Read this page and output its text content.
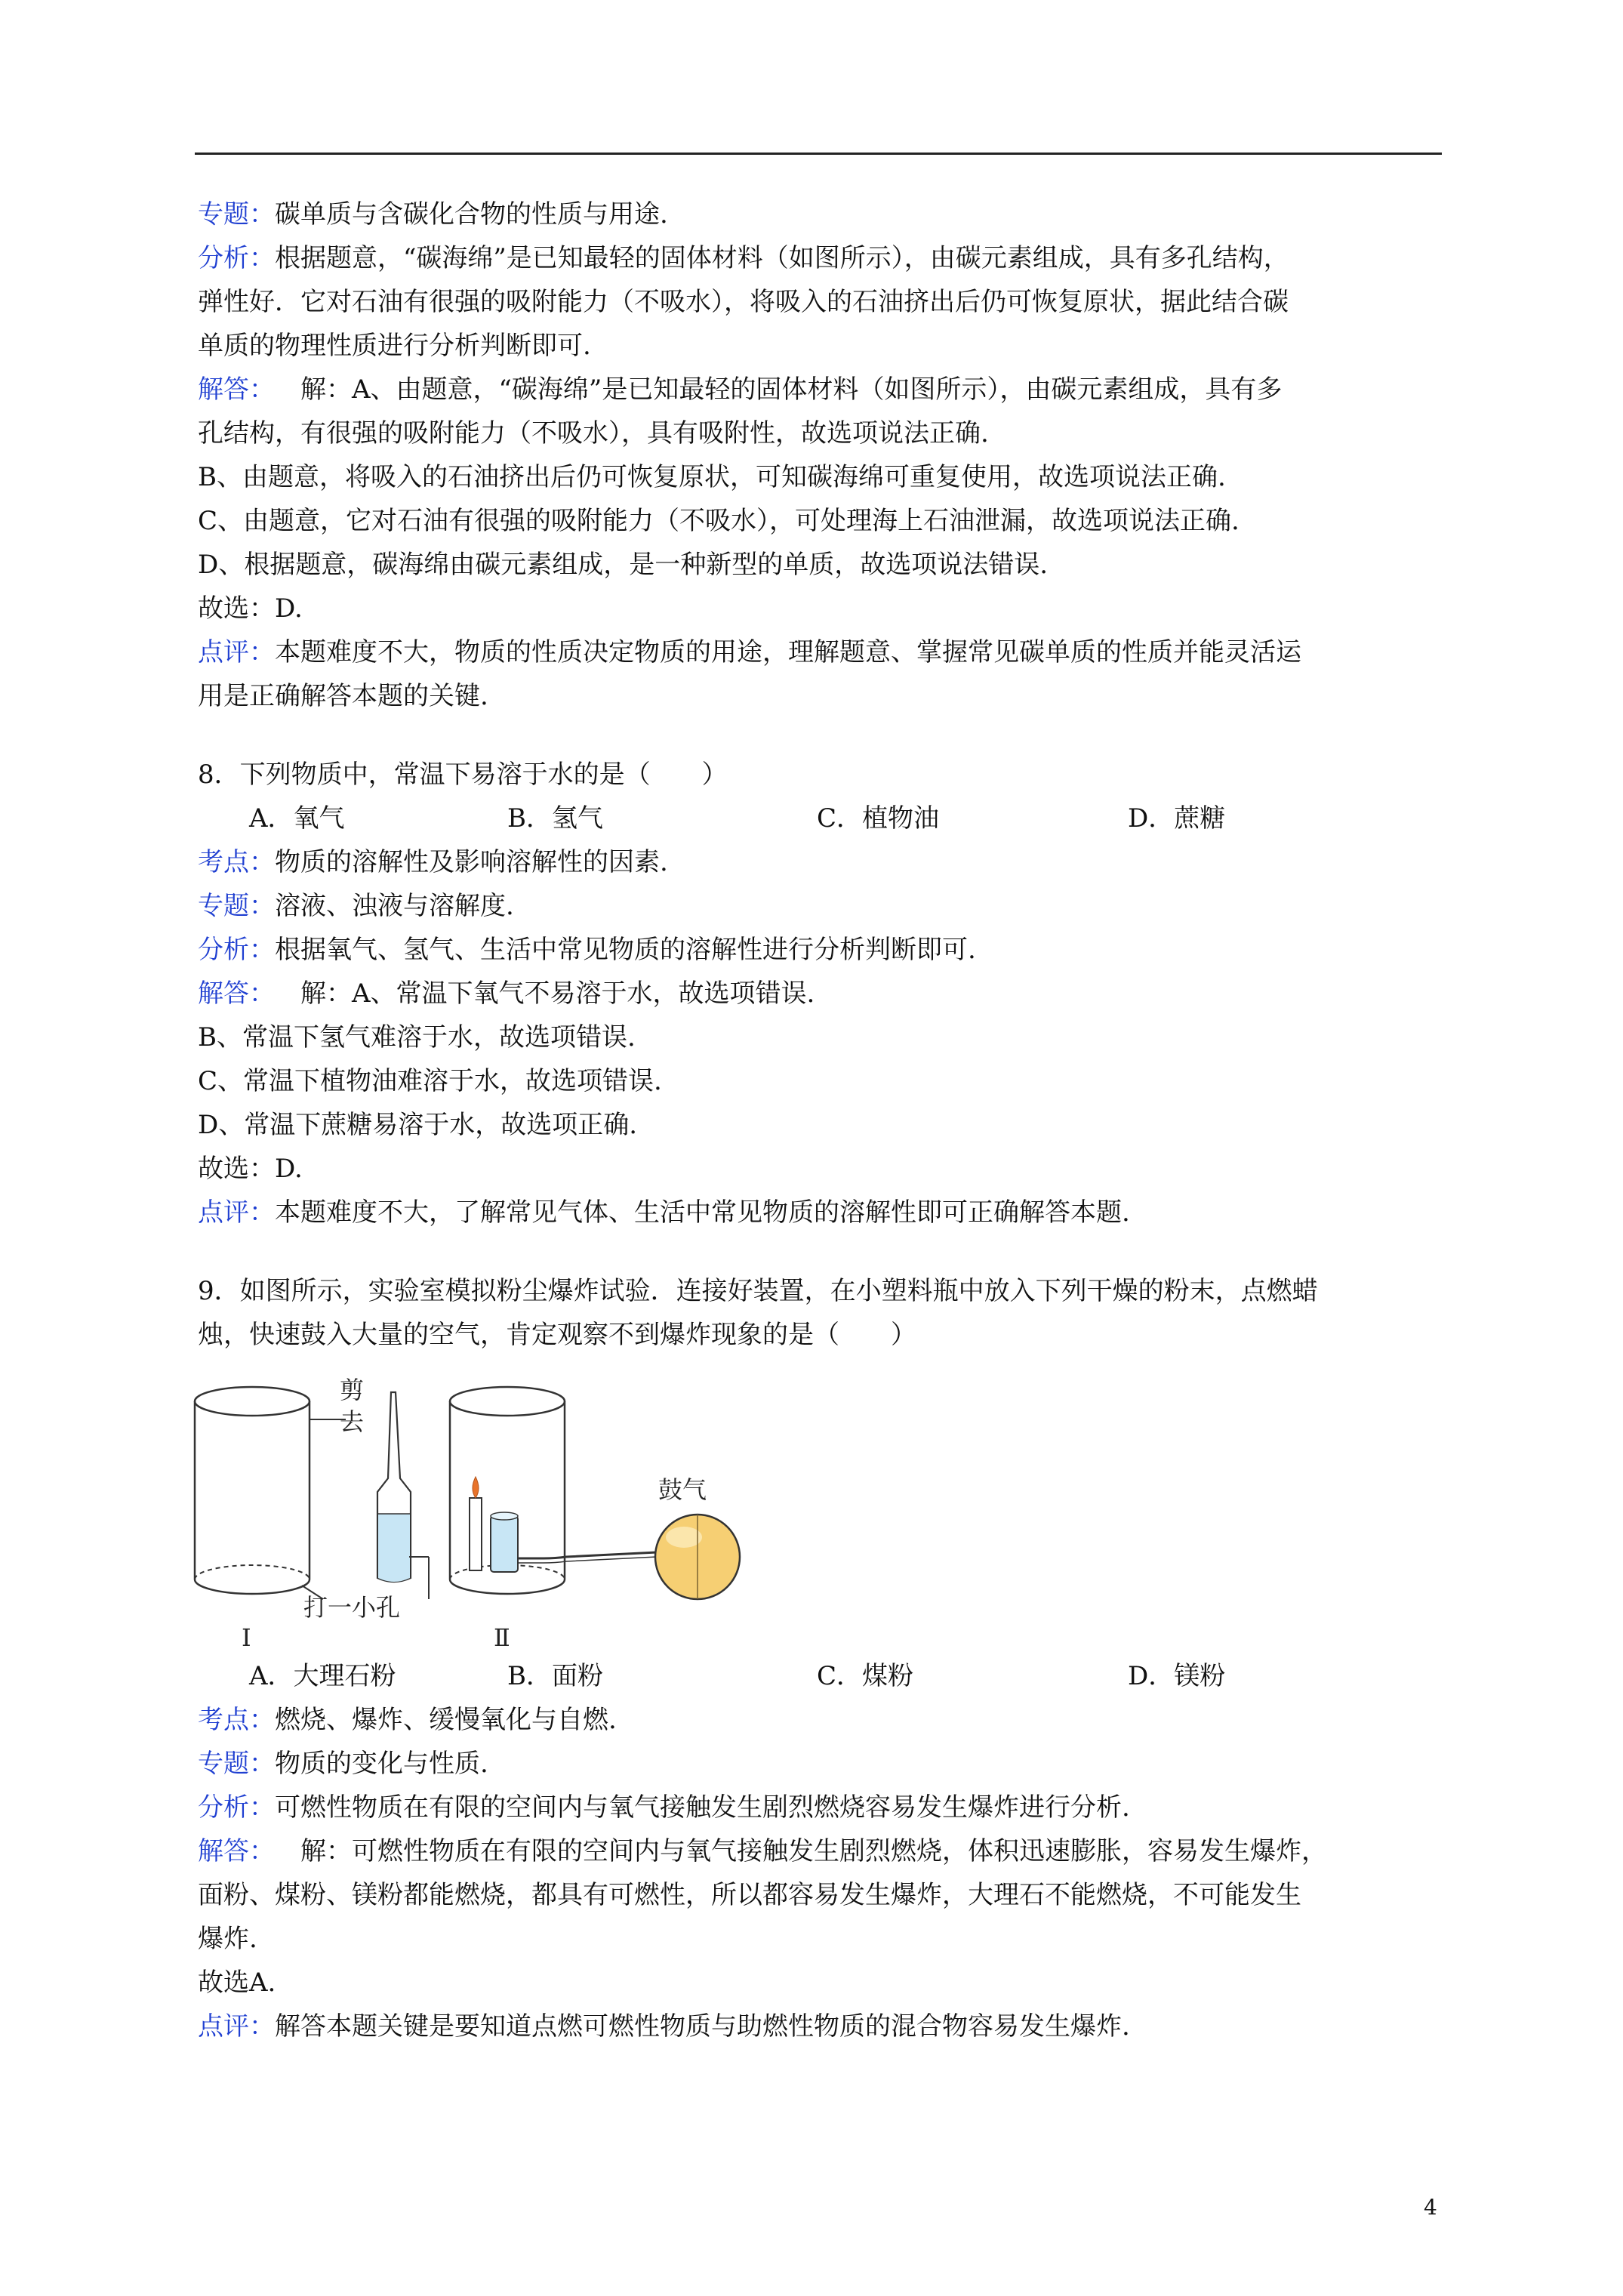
专题：碳单质与含碳化合物的性质与用途.
分析：根据题意，“碳海绵”是已知最轻的固体材料（如图所示），由碳元素组成，具有多孔结构，
弹性好．它对石油有很强的吸附能力（不吸水），将吸入的石油挤出后仍可恢复原状，据此结合碳
单质的物理性质进行分析判断即可.
解答： 解：A、由题意，“碳海绵”是已知最轻的固体材料（如图所示），由碳元素组成，具有多
孔结构，有很强的吸附能力（不吸水），具有吸附性，故选项说法正确.
B、由题意，将吸入的石油挤出后仍可恢复原状，可知碳海绵可重复使用，故选项说法正确.
C、由题意，它对石油有很强的吸附能力（不吸水），可处理海上石油泄漏，故选项说法正确.
D、根据题意，碳海绵由碳元素组成，是一种新型的单质，故选项说法错误.
故选：D.
点评：本题难度不大，物质的性质决定物质的用途，理解题意、掌握常见碳单质的性质并能灵活运
用是正确解答本题的关键.
8．下列物质中，常温下易溶于水的是（　　）
A．氧气	B．氢气	C．植物油	D．蔗糖
考点：物质的溶解性及影响溶解性的因素.
专题：溶液、浊液与溶解度.
分析：根据氧气、氢气、生活中常见物质的溶解性进行分析判断即可.
解答： 解：A、常温下氧气不易溶于水，故选项错误.
B、常温下氢气难溶于水，故选项错误.
C、常温下植物油难溶于水，故选项错误.
D、常温下蔗糖易溶于水，故选项正确.
故选：D.
点评：本题难度不大，了解常见气体、生活中常见物质的溶解性即可正确解答本题.
9．如图所示，实验室模拟粉尘爆炸试验．连接好装置，在小塑料瓶中放入下列干燥的粉末，点燃蜡
烛，快速鼓入大量的空气，肯定观察不到爆炸现象的是（　　）
剪
去
打一小孔
Ⅰ
鼓气
Ⅱ
A．大理石粉	B．面粉	C．煤粉	D．镁粉
考点：燃烧、爆炸、缓慢氧化与自燃.
专题：物质的变化与性质.
分析：可燃性物质在有限的空间内与氧气接触发生剧烈燃烧容易发生爆炸进行分析.
解答： 解：可燃性物质在有限的空间内与氧气接触发生剧烈燃烧，体积迅速膨胀，容易发生爆炸，
面粉、煤粉、镁粉都能燃烧，都具有可燃性，所以都容易发生爆炸，大理石不能燃烧，不可能发生
爆炸.
故选A.
点评：解答本题关键是要知道点燃可燃性物质与助燃性物质的混合物容易发生爆炸.
4
